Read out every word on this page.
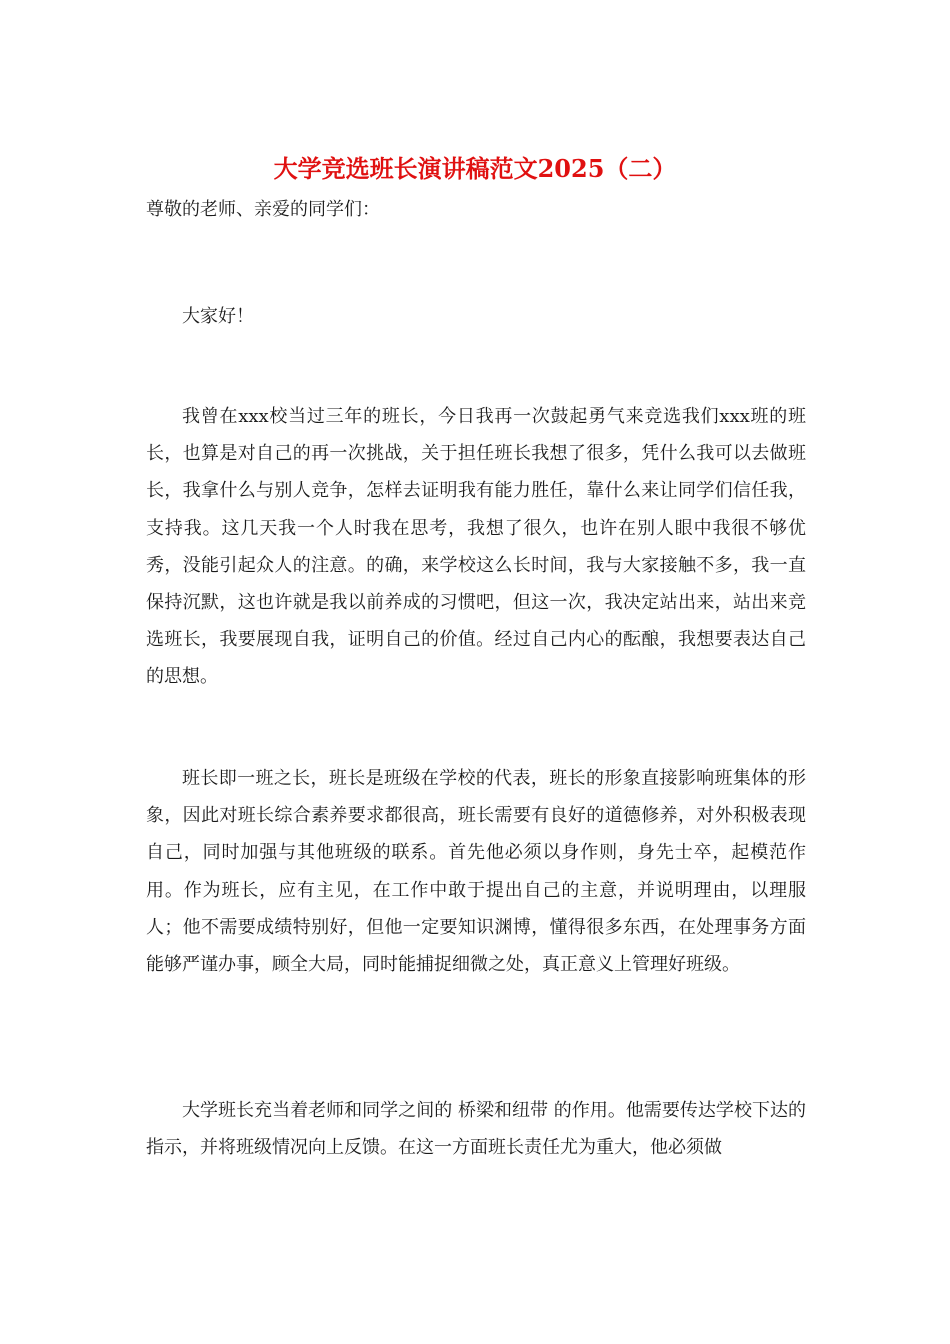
大学竞选班长演讲稿范文2025（二）

尊敬的老师、亲爱的同学们：

大家好！

我曾在xxx校当过三年的班长，今日我再一次鼓起勇气来竞选我们xxx班的班长，也算是对自己的再一次挑战，关于担任班长我想了很多，凭什么我可以去做班长，我拿什么与别人竞争，怎样去证明我有能力胜任，靠什么来让同学们信任我，支持我。这几天我一个人时我在思考，我想了很久，也许在别人眼中我很不够优秀，没能引起众人的注意。的确，来学校这么长时间，我与大家接触不多，我一直保持沉默，这也许就是我以前养成的习惯吧，但这一次，我决定站出来，站出来竞选班长，我要展现自我，证明自己的价值。经过自己内心的酝酿，我想要表达自己的思想。

班长即一班之长，班长是班级在学校的代表，班长的形象直接影响班集体的形象，因此对班长综合素养要求都很高，班长需要有良好的道德修养，对外积极表现自己，同时加强与其他班级的联系。首先他必须以身作则，身先士卒，起模范作用。作为班长，应有主见，在工作中敢于提出自己的主意，并说明理由，以理服人；他不需要成绩特别好，但他一定要知识渊博，懂得很多东西，在处理事务方面能够严谨办事，顾全大局，同时能捕捉细微之处，真正意义上管理好班级。

大学班长充当着老师和同学之间的 桥梁和纽带 的作用。他需要传达学校下达的指示，并将班级情况向上反馈。在这一方面班长责任尤为重大，他必须做
